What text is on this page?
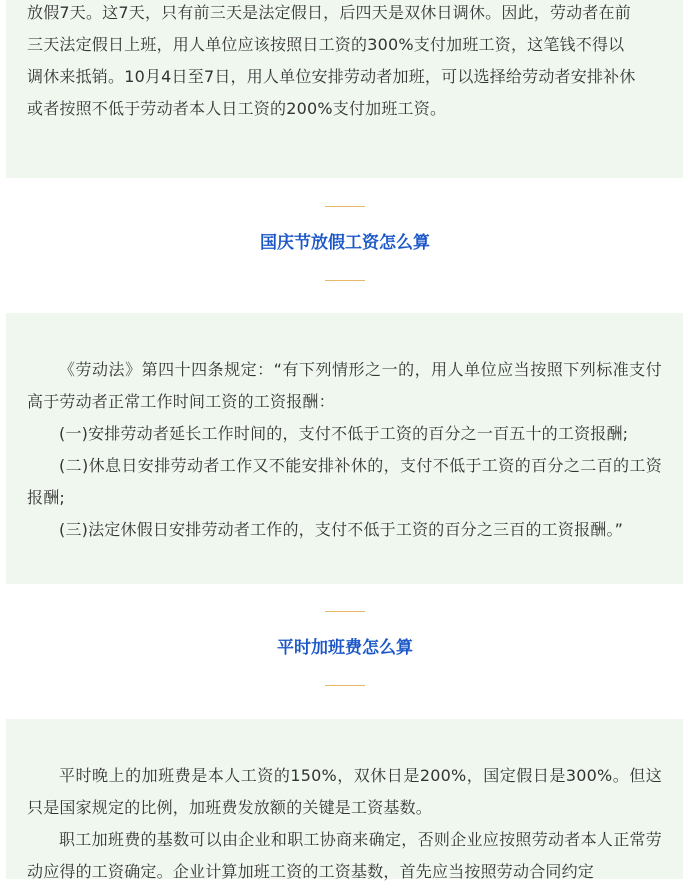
放假7天。这7天，只有前三天是法定假日，后四天是双休日调休。因此，劳动者在前

三天法定假日上班，用人单位应该按照日工资的300%支付加班工资，这笔钱不得以

调休来抵销。10月4日至7日，用人单位安排劳动者加班，可以选择给劳动者安排补休

或者按照不低于劳动者本人日工资的200%支付加班工资。

国庆节放假工资怎么算

《劳动法》第四十四条规定：“有下列情形之一的，用人单位应当按照下列标准支付高于劳动者正常工作时间工资的工资报酬：

(一)安排劳动者延长工作时间的，支付不低于工资的百分之一百五十的工资报酬;

(二)休息日安排劳动者工作又不能安排补休的，支付不低于工资的百分之二百的工资报酬;

(三)法定休假日安排劳动者工作的，支付不低于工资的百分之三百的工资报酬。”

平时加班费怎么算

平时晚上的加班费是本人工资的150%，双休日是200%，国定假日是300%。但这只是国家规定的比例，加班费发放额的关键是工资基数。

职工加班费的基数可以由企业和职工协商来确定，否则企业应按照劳动者本人正常劳动应得的工资确定。企业计算加班工资的工资基数，首先应当按照劳动合同约定
